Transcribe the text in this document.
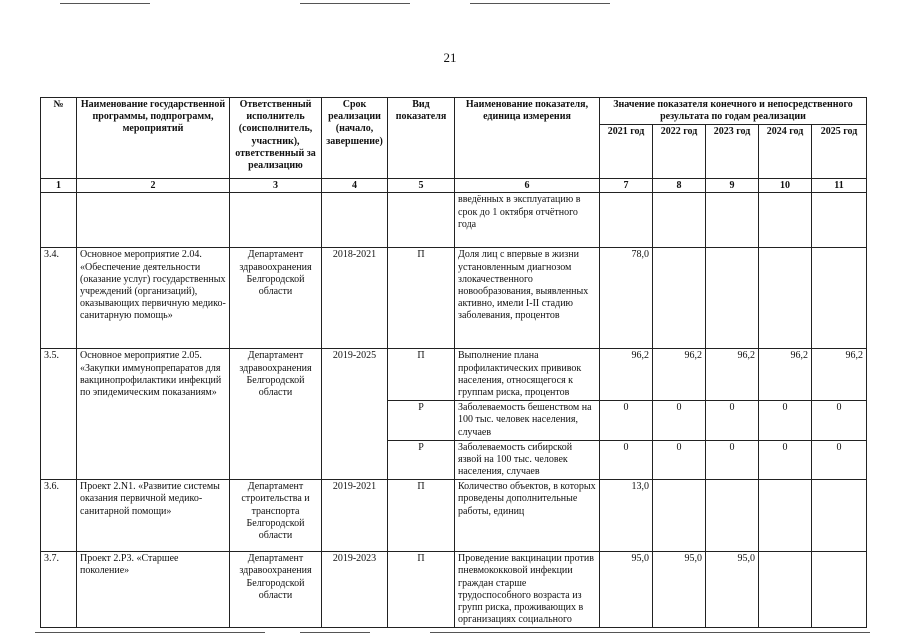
21
№	Наименование государственной программы, подпрограмм, мероприятий	Ответственный исполнитель (соисполнитель, участник), ответственный за реализацию	Срок реализации (начало, завершение)	Вид показателя	Наименование показателя, единица измерения	Значение показателя конечного и непосредственного результата по годам реализации				
						2021 год	2022 год	2023 год	2024 год	2025 год
1	2	3	4	5	6	7	8	9	10	11
					введённых в эксплуатацию в срок до 1 октября отчётного года					
3.4.	Основное мероприятие 2.04. «Обеспечение деятельности (оказание услуг) государственных учреждений (организаций), оказывающих первичную медико-санитарную помощь»	Департамент здравоохранения Белгородской области	2018-2021	П	Доля лиц с впервые в жизни установленным диагнозом злокачественного новообразования, выявленных активно, имели I-II стадию заболевания, процентов	78,0				
3.5.	Основное мероприятие 2.05. «Закупки иммунопрепаратов для вакцинопрофилактики инфекций по эпидемическим показаниям»	Департамент здравоохранения Белгородской области	2019-2025	П	Выполнение плана профилактических прививок населения, относящегося к группам риска, процентов	96,2	96,2	96,2	96,2	96,2
				Р	Заболеваемость бешенством на 100 тыс. человек населения, случаев	0	0	0	0	0
				Р	Заболеваемость сибирской язвой на 100 тыс. человек населения, случаев	0	0	0	0	0
3.6.	Проект 2.N1. «Развитие системы оказания первичной медико-санитарной помощи»	Департамент строительства и транспорта Белгородской области	2019-2021	П	Количество объектов, в которых проведены дополнительные работы, единиц	13,0				
3.7.	Проект 2.P3. «Старшее поколение»	Департамент здравоохранения Белгородской области	2019-2023	П	Проведение вакцинации против пневмококковой инфекции граждан старше трудоспособного возраста из групп риска, проживающих в организациях социального	95,0	95,0	95,0		
